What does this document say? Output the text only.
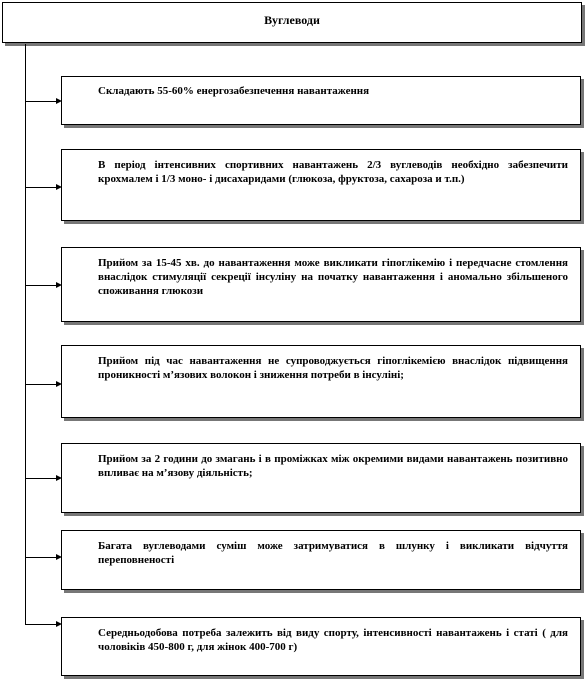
Вуглеводи
Складають 55-60% енергозабезпечення навантаження
В період інтенсивних спортивних навантажень 2/3 вуглеводів необхідно забезпечити крохмалем і 1/3 моно- і дисахаридами (глюкоза, фруктоза, сахароза и т.п.)
Прийом за 15-45 хв. до навантаження може викликати гіпоглікемію і передчасне стомлення внаслідок стимуляції секреції інсуліну на початку навантаження і аномально збільшеного споживання глюкози
Прийом під час навантаження не супроводжується гіпоглікемією внаслідок підвищення проникності м’язових волокон і зниження потреби в інсуліні;
Прийом за 2 години до змагань і в проміжках між окремими видами навантажень позитивно впливає на м’язову діяльність;
Багата вуглеводами суміш може затримуватися в шлунку і викликати відчуття переповненості
Середньодобова потреба залежить від виду спорту, інтенсивності навантажень і статі ( для чоловіків 450-800 г, для жінок 400-700 г)
